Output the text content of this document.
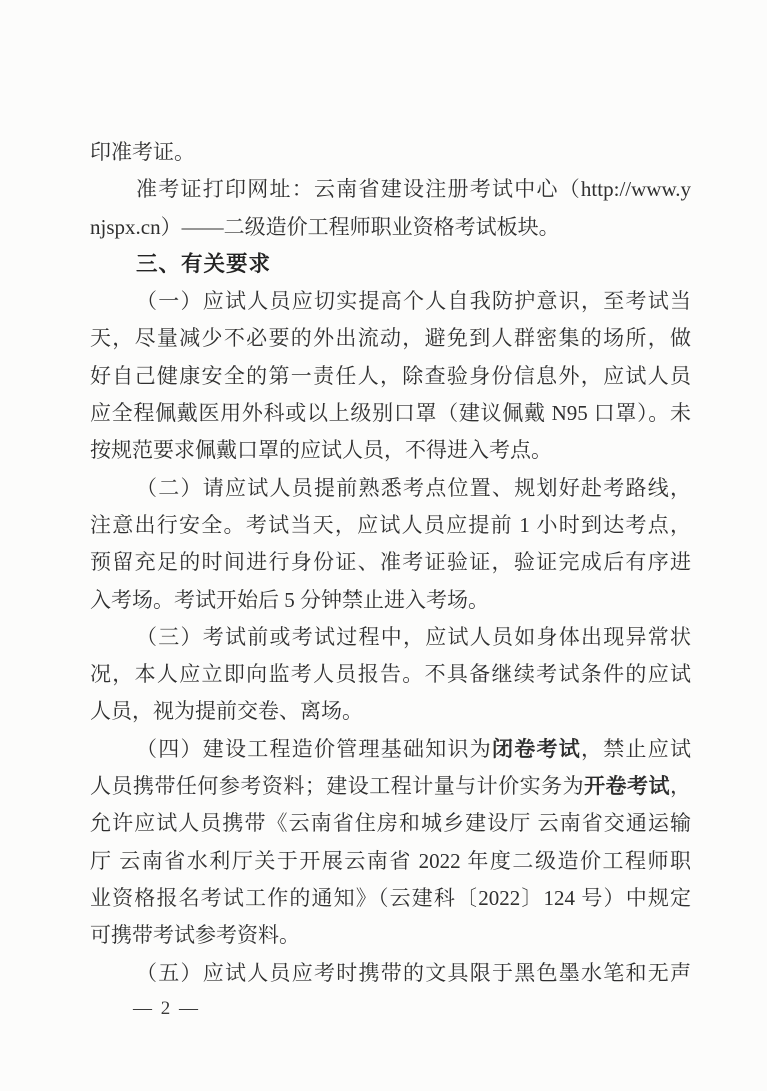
印准考证。
准考证打印网址：云南省建设注册考试中心（http://www.y
njspx.cn）——二级造价工程师职业资格考试板块。
三、有关要求
（一）应试人员应切实提高个人自我防护意识，至考试当
天，尽量减少不必要的外出流动，避免到人群密集的场所，做
好自己健康安全的第一责任人，除查验身份信息外，应试人员
应全程佩戴医用外科或以上级别口罩（建议佩戴 N95 口罩）。未
按规范要求佩戴口罩的应试人员，不得进入考点。
（二）请应试人员提前熟悉考点位置、规划好赴考路线，
注意出行安全。考试当天，应试人员应提前 1 小时到达考点，
预留充足的时间进行身份证、准考证验证，验证完成后有序进
入考场。考试开始后 5 分钟禁止进入考场。
（三）考试前或考试过程中，应试人员如身体出现异常状
况，本人应立即向监考人员报告。不具备继续考试条件的应试
人员，视为提前交卷、离场。
（四）建设工程造价管理基础知识为闭卷考试，禁止应试
人员携带任何参考资料；建设工程计量与计价实务为开卷考试，
允许应试人员携带《云南省住房和城乡建设厅 云南省交通运输
厅 云南省水利厅关于开展云南省 2022 年度二级造价工程师职
业资格报名考试工作的通知》（云建科〔2022〕124 号）中规定
可携带考试参考资料。
（五）应试人员应考时携带的文具限于黑色墨水笔和无声
— 2 —
